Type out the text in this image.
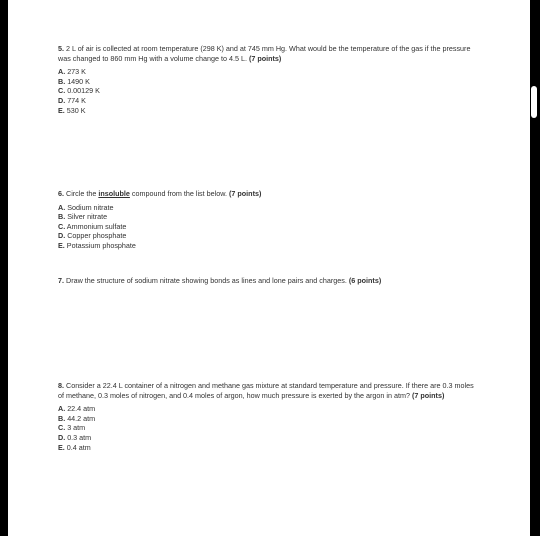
5. 2 L of air is collected at room temperature (298 K) and at 745 mm Hg. What would be the temperature of the gas if the pressure was changed to 860 mm Hg with a volume change to 4.5 L. (7 points)

A. 273 K
B. 1490 K
C. 0.00129 K
D. 774 K
E. 530 K

6. Circle the insoluble compound from the list below. (7 points)

A. Sodium nitrate
B. Silver nitrate
C. Ammonium sulfate
D. Copper phosphate
E. Potassium phosphate

7. Draw the structure of sodium nitrate showing bonds as lines and lone pairs and charges. (6 points)

8. Consider a 22.4 L container of a nitrogen and methane gas mixture at standard temperature and pressure. If there are 0.3 moles of methane, 0.3 moles of nitrogen, and 0.4 moles of argon, how much pressure is exerted by the argon in atm? (7 points)

A. 22.4 atm
B. 44.2 atm
C. 3 atm
D. 0.3 atm
E. 0.4 atm
